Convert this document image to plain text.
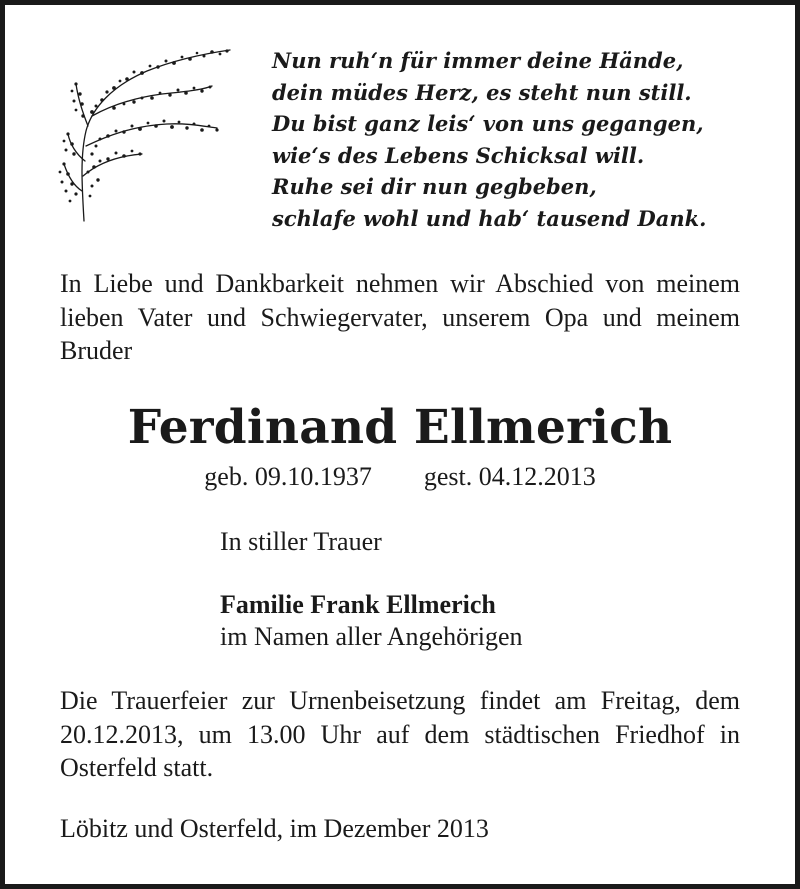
Nun ruh‘n für immer deine Hände,
dein müdes Herz, es steht nun still.
Du bist ganz leis‘ von uns gegangen,
wie‘s des Lebens Schicksal will.
Ruhe sei dir nun gegbeben,
schlafe wohl und hab‘ tausend Dank.
In Liebe und Dankbarkeit nehmen wir Abschied von meinem lieben Vater und Schwiegervater, unserem Opa und meinem Bruder
Ferdinand Ellmerich
geb. 09.10.1937 gest. 04.12.2013
In stiller Trauer
Familie Frank Ellmerich
im Namen aller Angehörigen
Die Trauerfeier zur Urnenbeisetzung findet am Freitag, dem 20.12.2013, um 13.00 Uhr auf dem städtischen Friedhof in Osterfeld statt.
Löbitz und Osterfeld, im Dezember 2013
